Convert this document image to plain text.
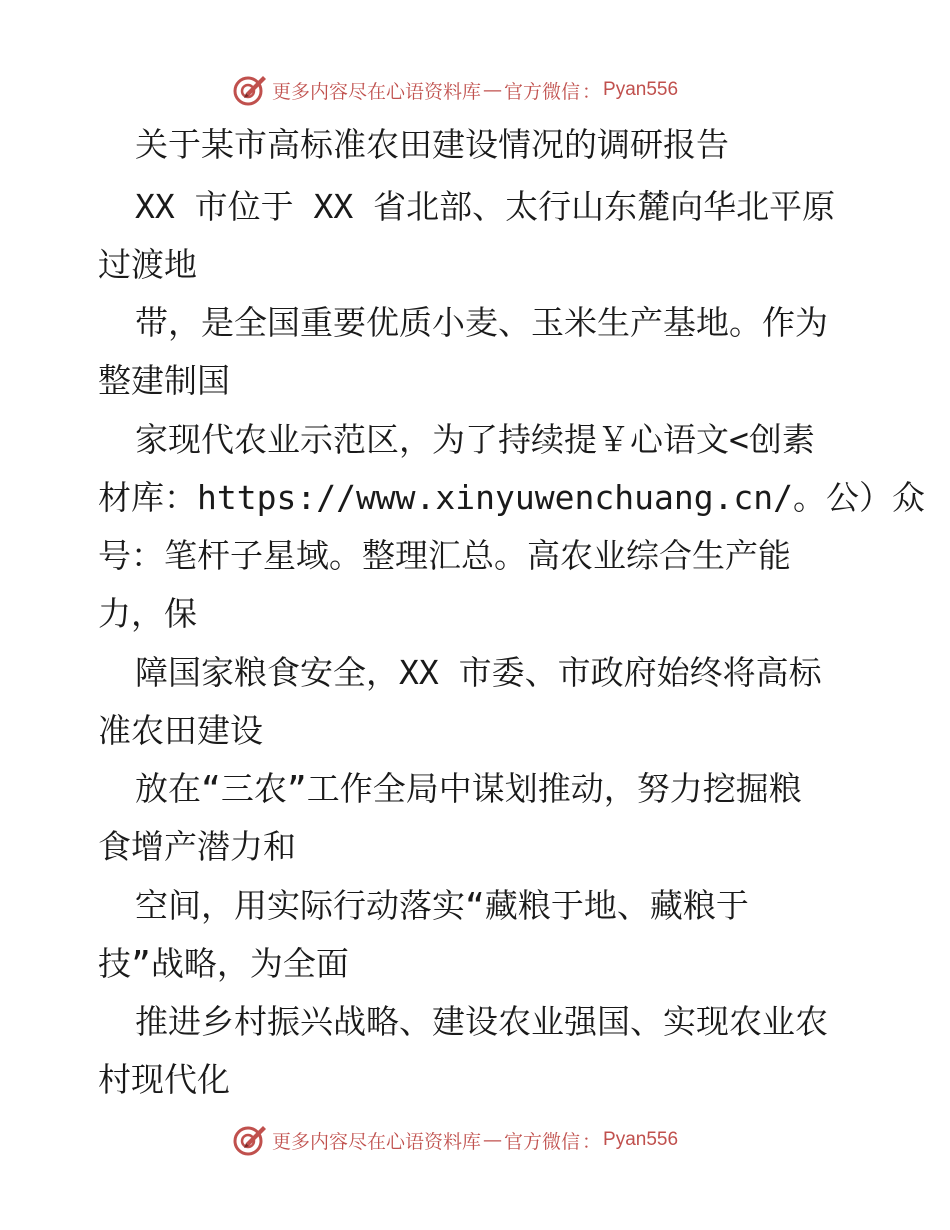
更多内容尽在心语资料库 — 官方微信 ： Pyan556
关于某市高标准农田建设情况的调研报告
XX 市位于 XX 省北部、太行山东麓向华北平原
过渡地
带，是全国重要优质小麦、玉米生产基地。作为
整建制国
家现代农业示范区，为了持续提￥心语文<创素
材库：https://www.xinyuwenchuang.cn/。公）众
号：笔杆子星域。整理汇总。高农业综合生产能
力，保
障国家粮食安全，XX 市委、市政府始终将高标
准农田建设
放在“三农”工作全局中谋划推动，努力挖掘粮
食增产潜力和
空间，用实际行动落实“藏粮于地、藏粮于
技”战略，为全面
推进乡村振兴战略、建设农业强国、实现农业农
村现代化
更多内容尽在心语资料库 — 官方微信 ： Pyan556
